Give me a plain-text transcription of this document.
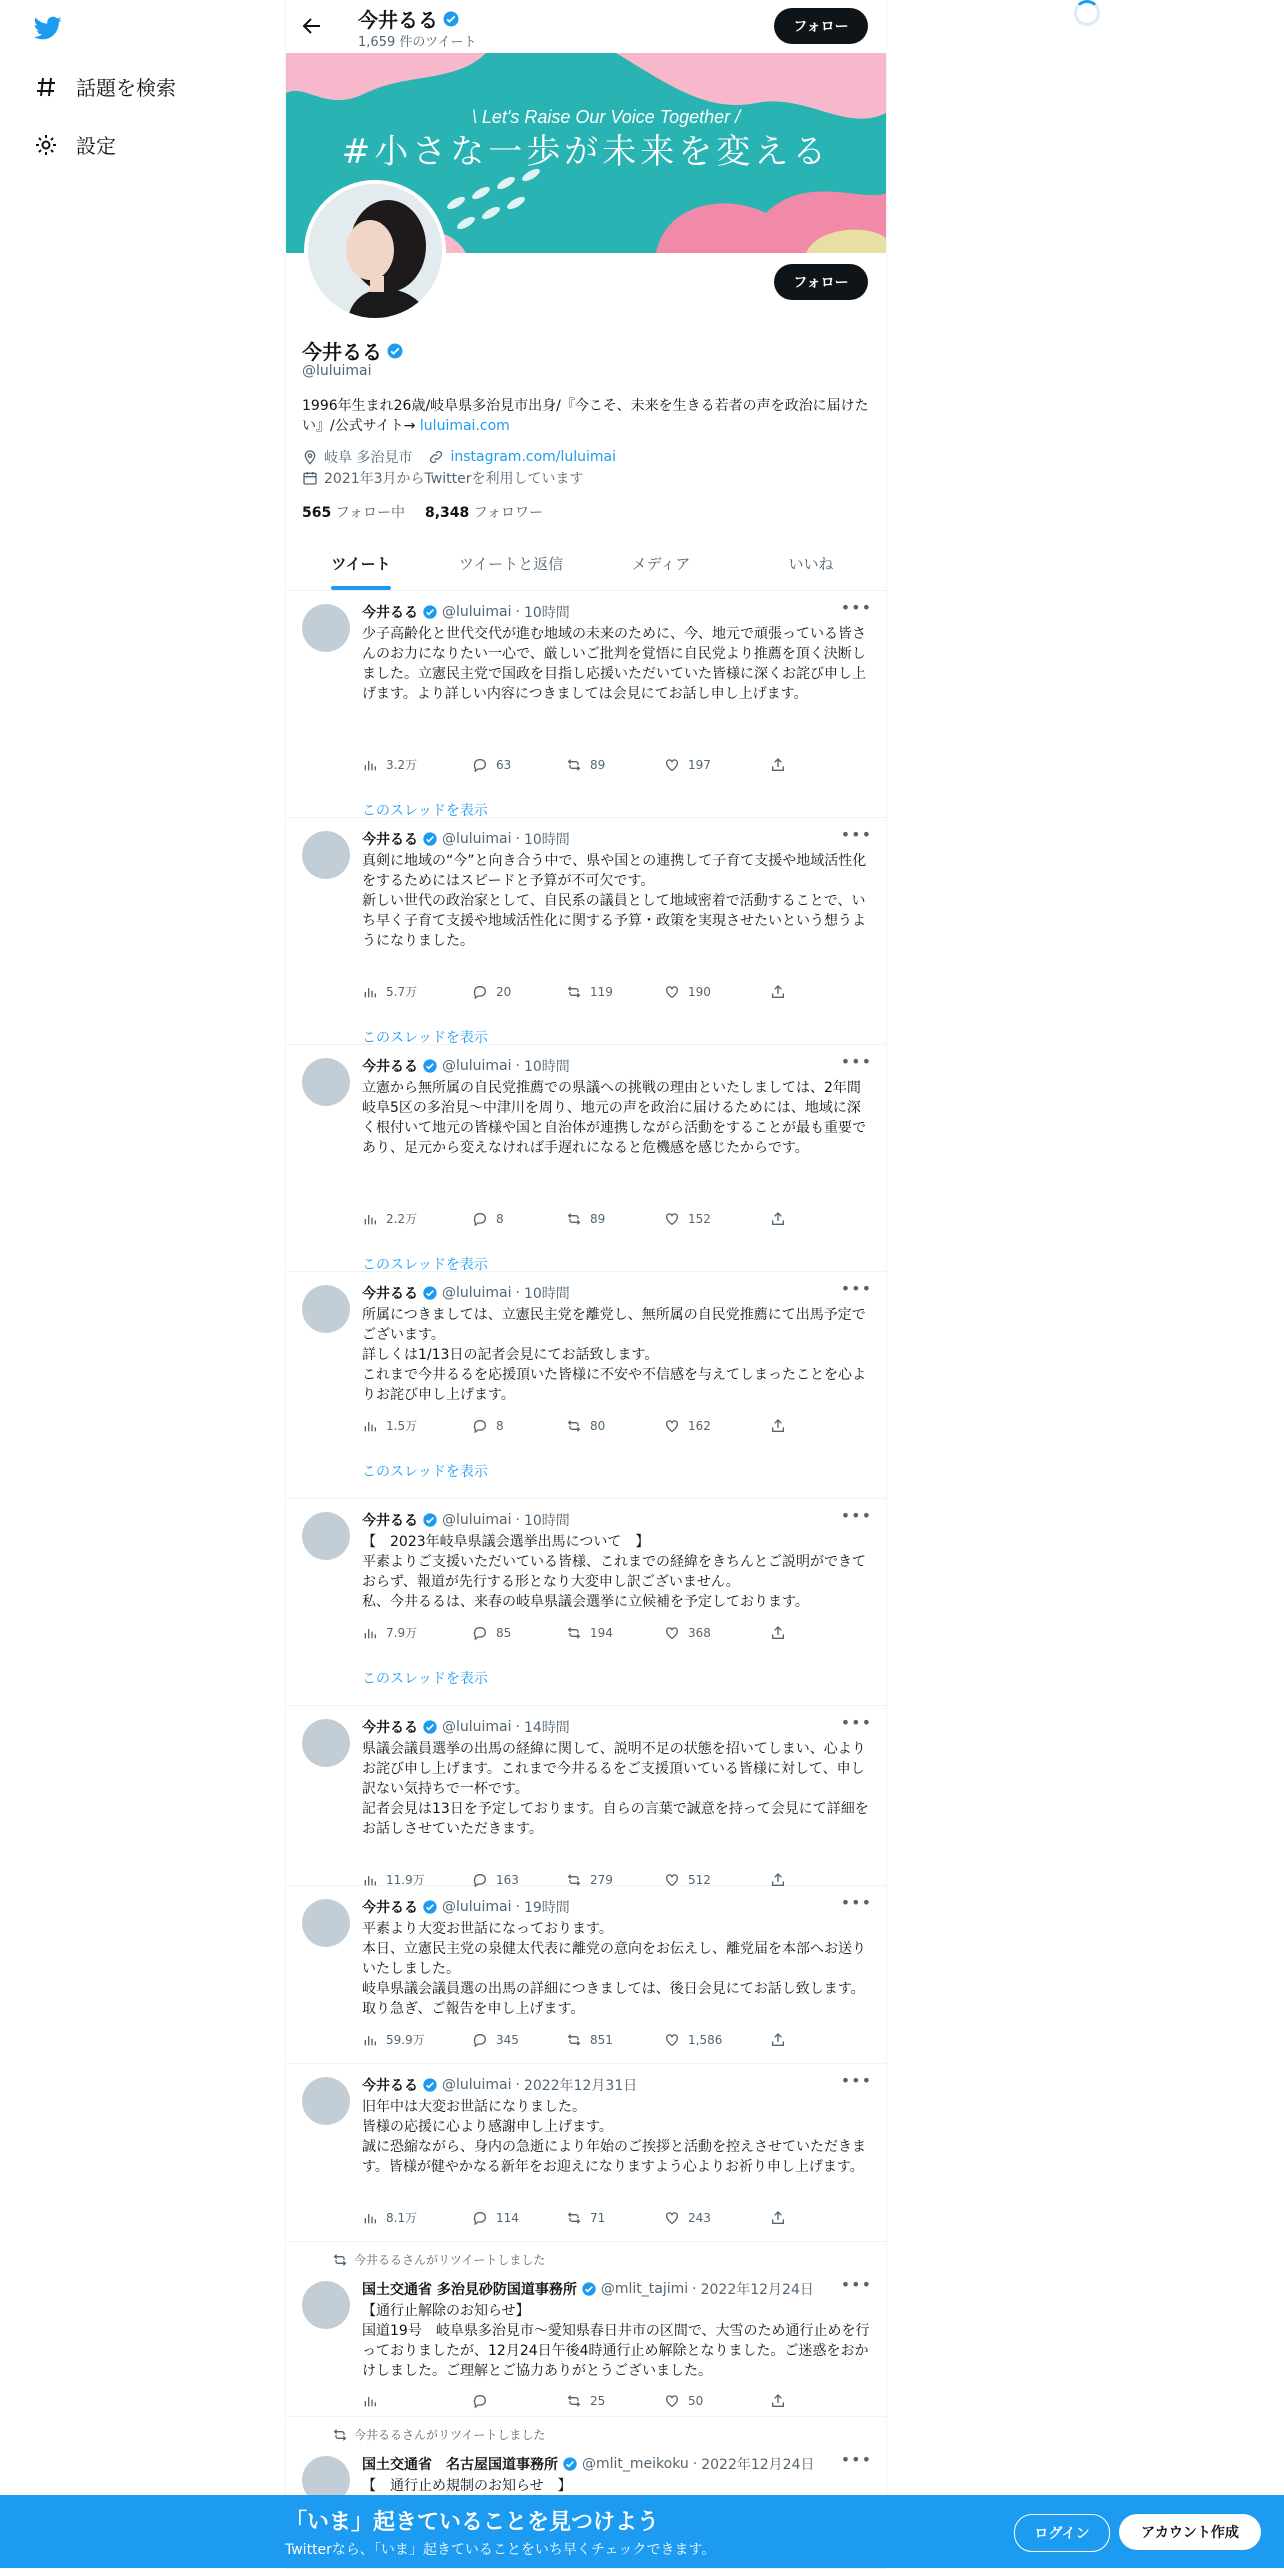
話題を検索
設定
今井るる
1,659 件のツイート
フォロー
\ Let's Raise Our Voice Together /
#小さな一歩が未来を変える
フォロー
今井るる
@luluimai
1996年生まれ26歳/岐阜県多治見市出身/『今こそ、未来を生きる若者の声を政治に届けたい』/公式サイト→ luluimai.com
岐阜 多治見市	instagram.com/luluimai
2021年3月からTwitterを利用しています
565 フォロー中 8,348 フォロワー
ツイート	ツイートと返信	メディア	いいね
今井るる @luluimai · 10時間	•••
少子高齢化と世代交代が進む地域の未来のために、今、地元で頑張っている皆さんのお力になりたい一心で、厳しいご批判を覚悟に自民党より推薦を頂く決断しました。立憲民主党で国政を目指し応援いただいていた皆様に深くお詫び申し上げます。より詳しい内容につきましては会見にてお話し申し上げます。
3.2万	63	89	197
このスレッドを表示
今井るる @luluimai · 10時間	•••
真剣に地域の“今”と向き合う中で、県や国との連携して子育て支援や地域活性化をするためにはスピードと予算が不可欠です。
新しい世代の政治家として、自民系の議員として地域密着で活動することで、いち早く子育て支援や地域活性化に関する予算・政策を実現させたいという想うようになりました。
5.7万	20	119	190
このスレッドを表示
今井るる @luluimai · 10時間	•••
立憲から無所属の自民党推薦での県議への挑戦の理由といたしましては、2年間岐阜5区の多治見〜中津川を周り、地元の声を政治に届けるためには、地域に深く根付いて地元の皆様や国と自治体が連携しながら活動をすることが最も重要であり、足元から変えなければ手遅れになると危機感を感じたからです。
2.2万	8	89	152
このスレッドを表示
今井るる @luluimai · 10時間	•••
所属につきましては、立憲民主党を離党し、無所属の自民党推薦にて出馬予定でございます。
詳しくは1/13日の記者会見にてお話致します。
これまで今井るるを応援頂いた皆様に不安や不信感を与えてしまったことを心よりお詫び申し上げます。
1.5万	8	80	162
このスレッドを表示
今井るる @luluimai · 10時間	•••
【　2023年岐阜県議会選挙出馬について　】
平素よりご支援いただいている皆様、これまでの経緯をきちんとご説明ができておらず、報道が先行する形となり大変申し訳ございません。
私、今井るるは、来春の岐阜県議会選挙に立候補を予定しております。
7.9万	85	194	368
このスレッドを表示
今井るる @luluimai · 14時間	•••
県議会議員選挙の出馬の経緯に関して、説明不足の状態を招いてしまい、心よりお詫び申し上げます。これまで今井るるをご支援頂いている皆様に対して、申し訳ない気持ちで一杯です。
記者会見は13日を予定しております。自らの言葉で誠意を持って会見にて詳細をお話しさせていただきます。
11.9万	163	279	512
今井るる @luluimai · 19時間	•••
平素より大変お世話になっております。
本日、立憲民主党の泉健太代表に離党の意向をお伝えし、離党届を本部へお送りいたしました。
岐阜県議会議員選の出馬の詳細につきましては、後日会見にてお話し致します。取り急ぎ、ご報告を申し上げます。
59.9万	345	851	1,586
今井るる @luluimai · 2022年12月31日	•••
旧年中は大変お世話になりました。
皆様の応援に心より感謝申し上げます。
誠に恐縮ながら、身内の急逝により年始のご挨拶と活動を控えさせていただきます。皆様が健やかなる新年をお迎えになりますよう心よりお祈り申し上げます。
8.1万	114	71	243
今井るるさんがリツイートしました
国土交通省 多治見砂防国道事務所 @mlit_tajimi · 2022年12月24日 •••
【通行止解除のお知らせ】
国道19号　岐阜県多治見市～愛知県春日井市の区間で、大雪のため通行止めを行っておりましたが、12月24日午後4時通行止め解除となりました。ご迷惑をおかけしました。ご理解とご協力ありがとうございました。
25	50
今井るるさんがリツイートしました
国土交通省　名古屋国道事務所 @mlit_meikoku · 2022年12月24日 •••
【　通行止め規制のお知らせ　】

「いま」起きていることを見つけよう
Twitterなら、「いま」起きていることをいち早くチェックできます。
ログイン	アカウント作成
